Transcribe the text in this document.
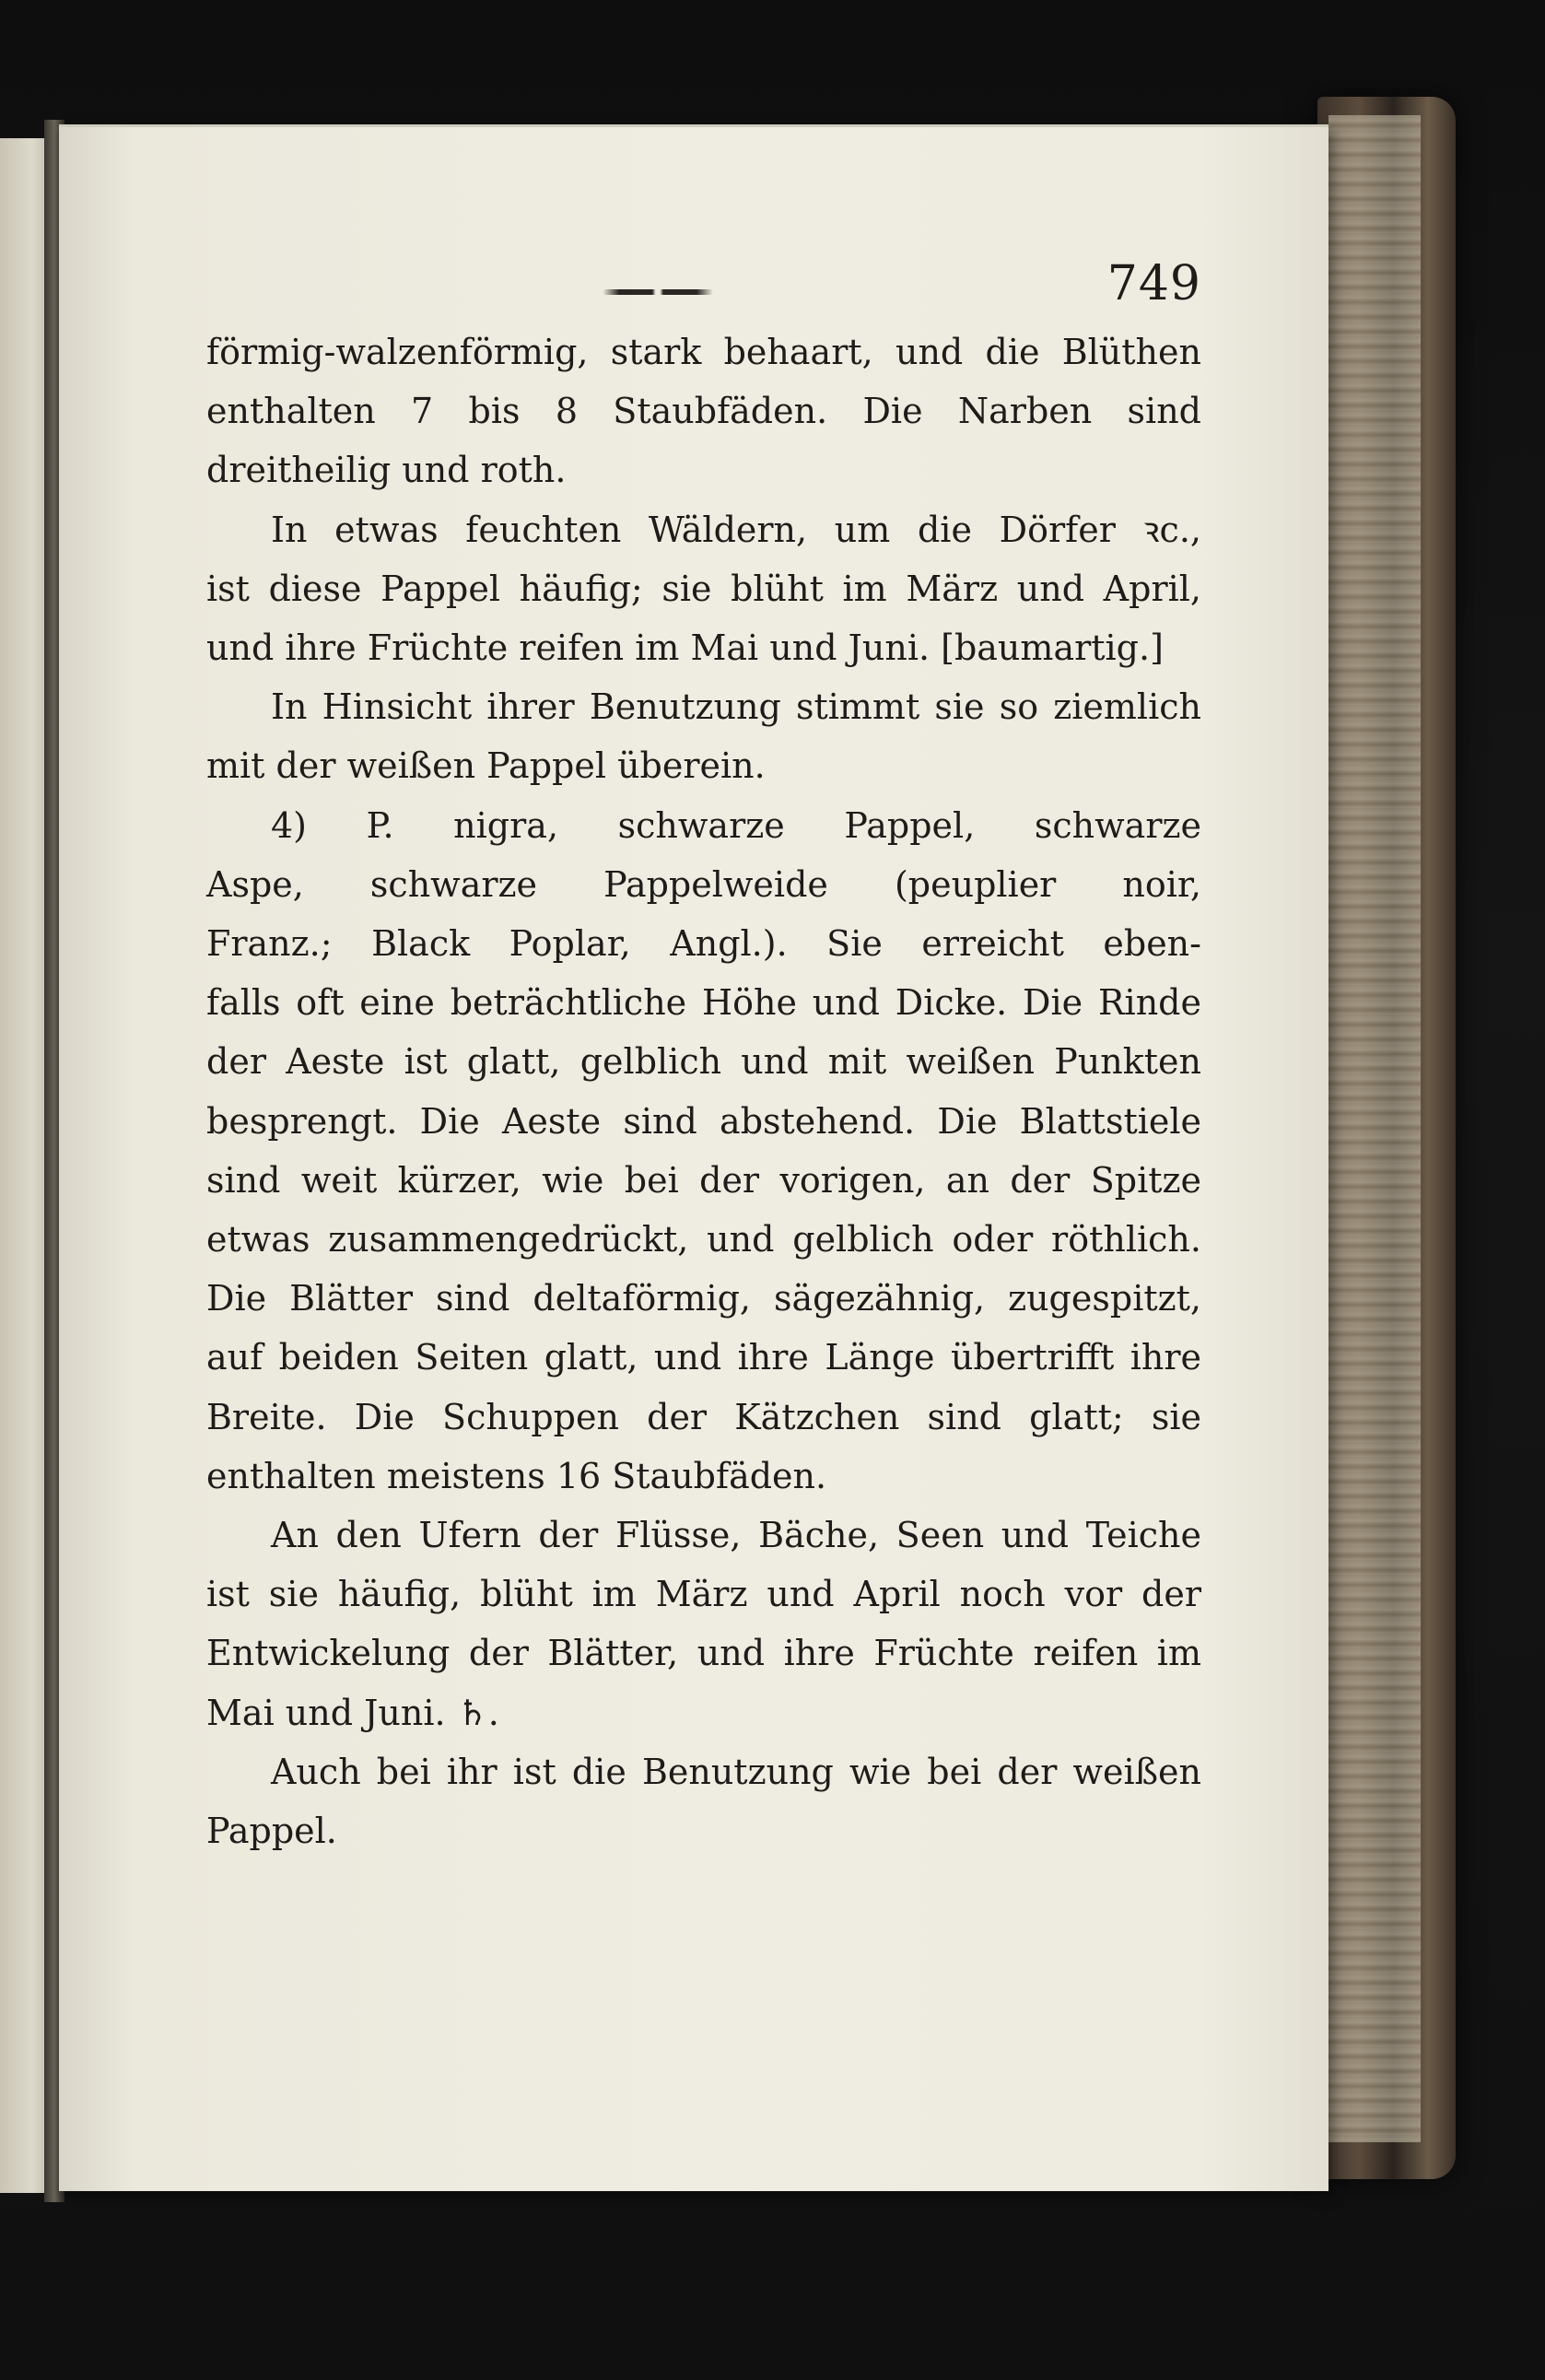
749

förmig-walzenförmig, stark behaart, und die Blüthen
enthalten 7 bis 8 Staubfäden. Die Narben sind
dreitheilig und roth.

In etwas feuchten Wäldern, um die Dörfer ꝛc.,
ist diese Pappel häufig; sie blüht im März und April,
und ihre Früchte reifen im Mai und Juni. [baumartig.]

In Hinsicht ihrer Benutzung stimmt sie so ziemlich
mit der weißen Pappel überein.

4) P. nigra, schwarze Pappel, schwarze
Aspe, schwarze Pappelweide (peuplier noir,
Franz.; Black Poplar, Angl.). Sie erreicht eben-
falls oft eine beträchtliche Höhe und Dicke. Die Rinde
der Aeste ist glatt, gelblich und mit weißen Punkten
besprengt. Die Aeste sind abstehend. Die Blattstiele
sind weit kürzer, wie bei der vorigen, an der Spitze
etwas zusammengedrückt, und gelblich oder röthlich.
Die Blätter sind deltaförmig, sägezähnig, zugespitzt,
auf beiden Seiten glatt, und ihre Länge übertrifft ihre
Breite. Die Schuppen der Kätzchen sind glatt; sie
enthalten meistens 16 Staubfäden.

An den Ufern der Flüsse, Bäche, Seen und Teiche
ist sie häufig, blüht im März und April noch vor der
Entwickelung der Blätter, und ihre Früchte reifen im
Mai und Juni. ♄.

Auch bei ihr ist die Benutzung wie bei der weißen
Pappel.
